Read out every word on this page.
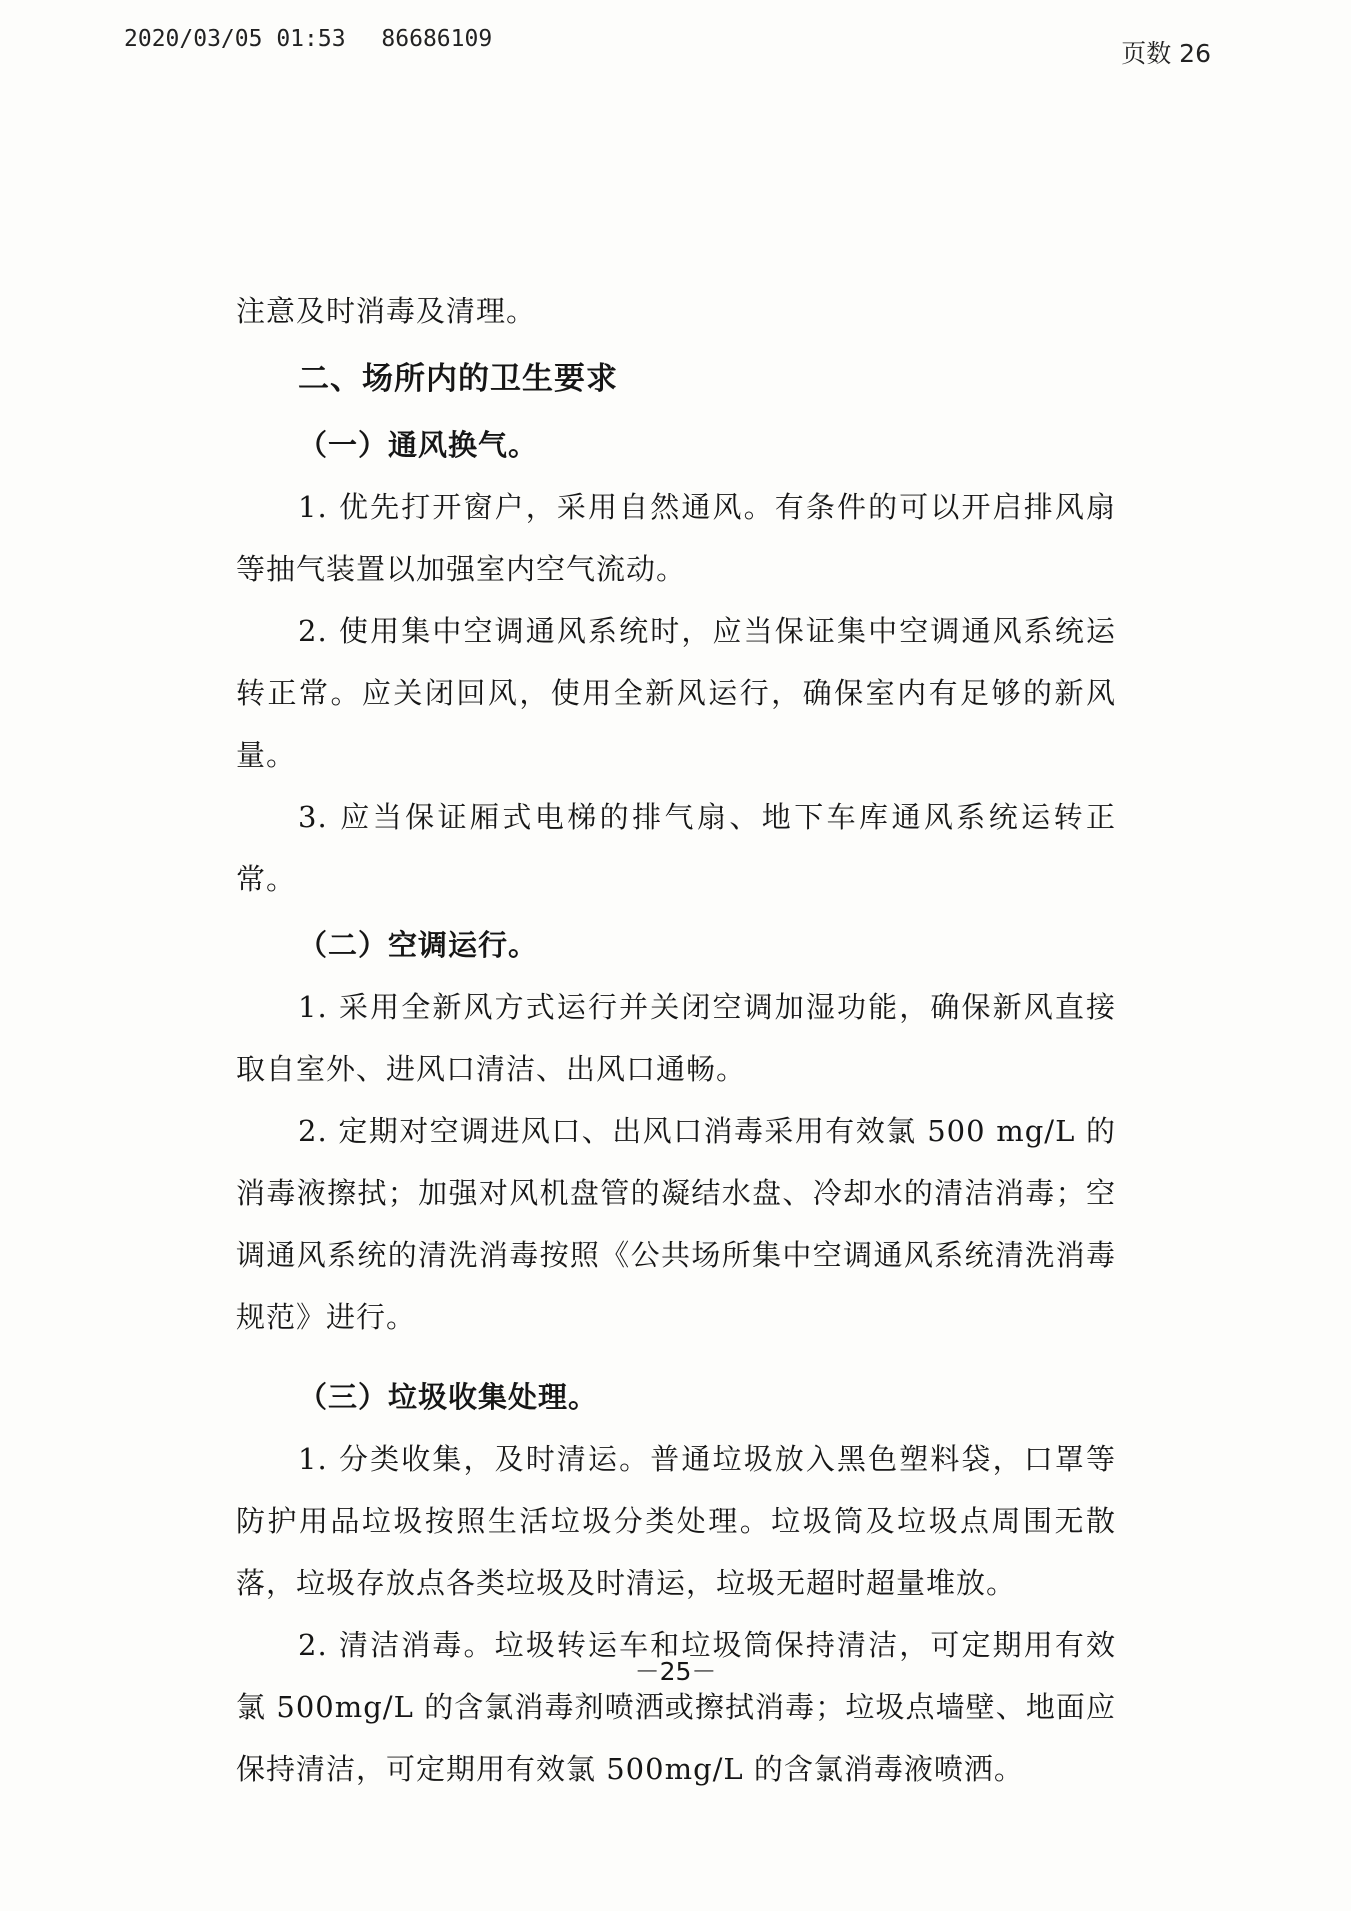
2020/03/05 01:53 86686109	页数 26

注意及时消毒及清理。

二、场所内的卫生要求

（一）通风换气。

1. 优先打开窗户，采用自然通风。有条件的可以开启排风扇等抽气装置以加强室内空气流动。

2. 使用集中空调通风系统时，应当保证集中空调通风系统运转正常。应关闭回风，使用全新风运行，确保室内有足够的新风量。

3. 应当保证厢式电梯的排气扇、地下车库通风系统运转正常。

（二）空调运行。

1. 采用全新风方式运行并关闭空调加湿功能，确保新风直接取自室外、进风口清洁、出风口通畅。

2. 定期对空调进风口、出风口消毒采用有效氯 500 mg/L 的消毒液擦拭；加强对风机盘管的凝结水盘、冷却水的清洁消毒；空调通风系统的清洗消毒按照《公共场所集中空调通风系统清洗消毒规范》进行。

（三）垃圾收集处理。

1. 分类收集，及时清运。普通垃圾放入黑色塑料袋，口罩等防护用品垃圾按照生活垃圾分类处理。垃圾筒及垃圾点周围无散落，垃圾存放点各类垃圾及时清运，垃圾无超时超量堆放。

2. 清洁消毒。垃圾转运车和垃圾筒保持清洁，可定期用有效氯 500mg/L 的含氯消毒剂喷洒或擦拭消毒；垃圾点墙壁、地面应保持清洁，可定期用有效氯 500mg/L 的含氯消毒液喷洒。

－25－
